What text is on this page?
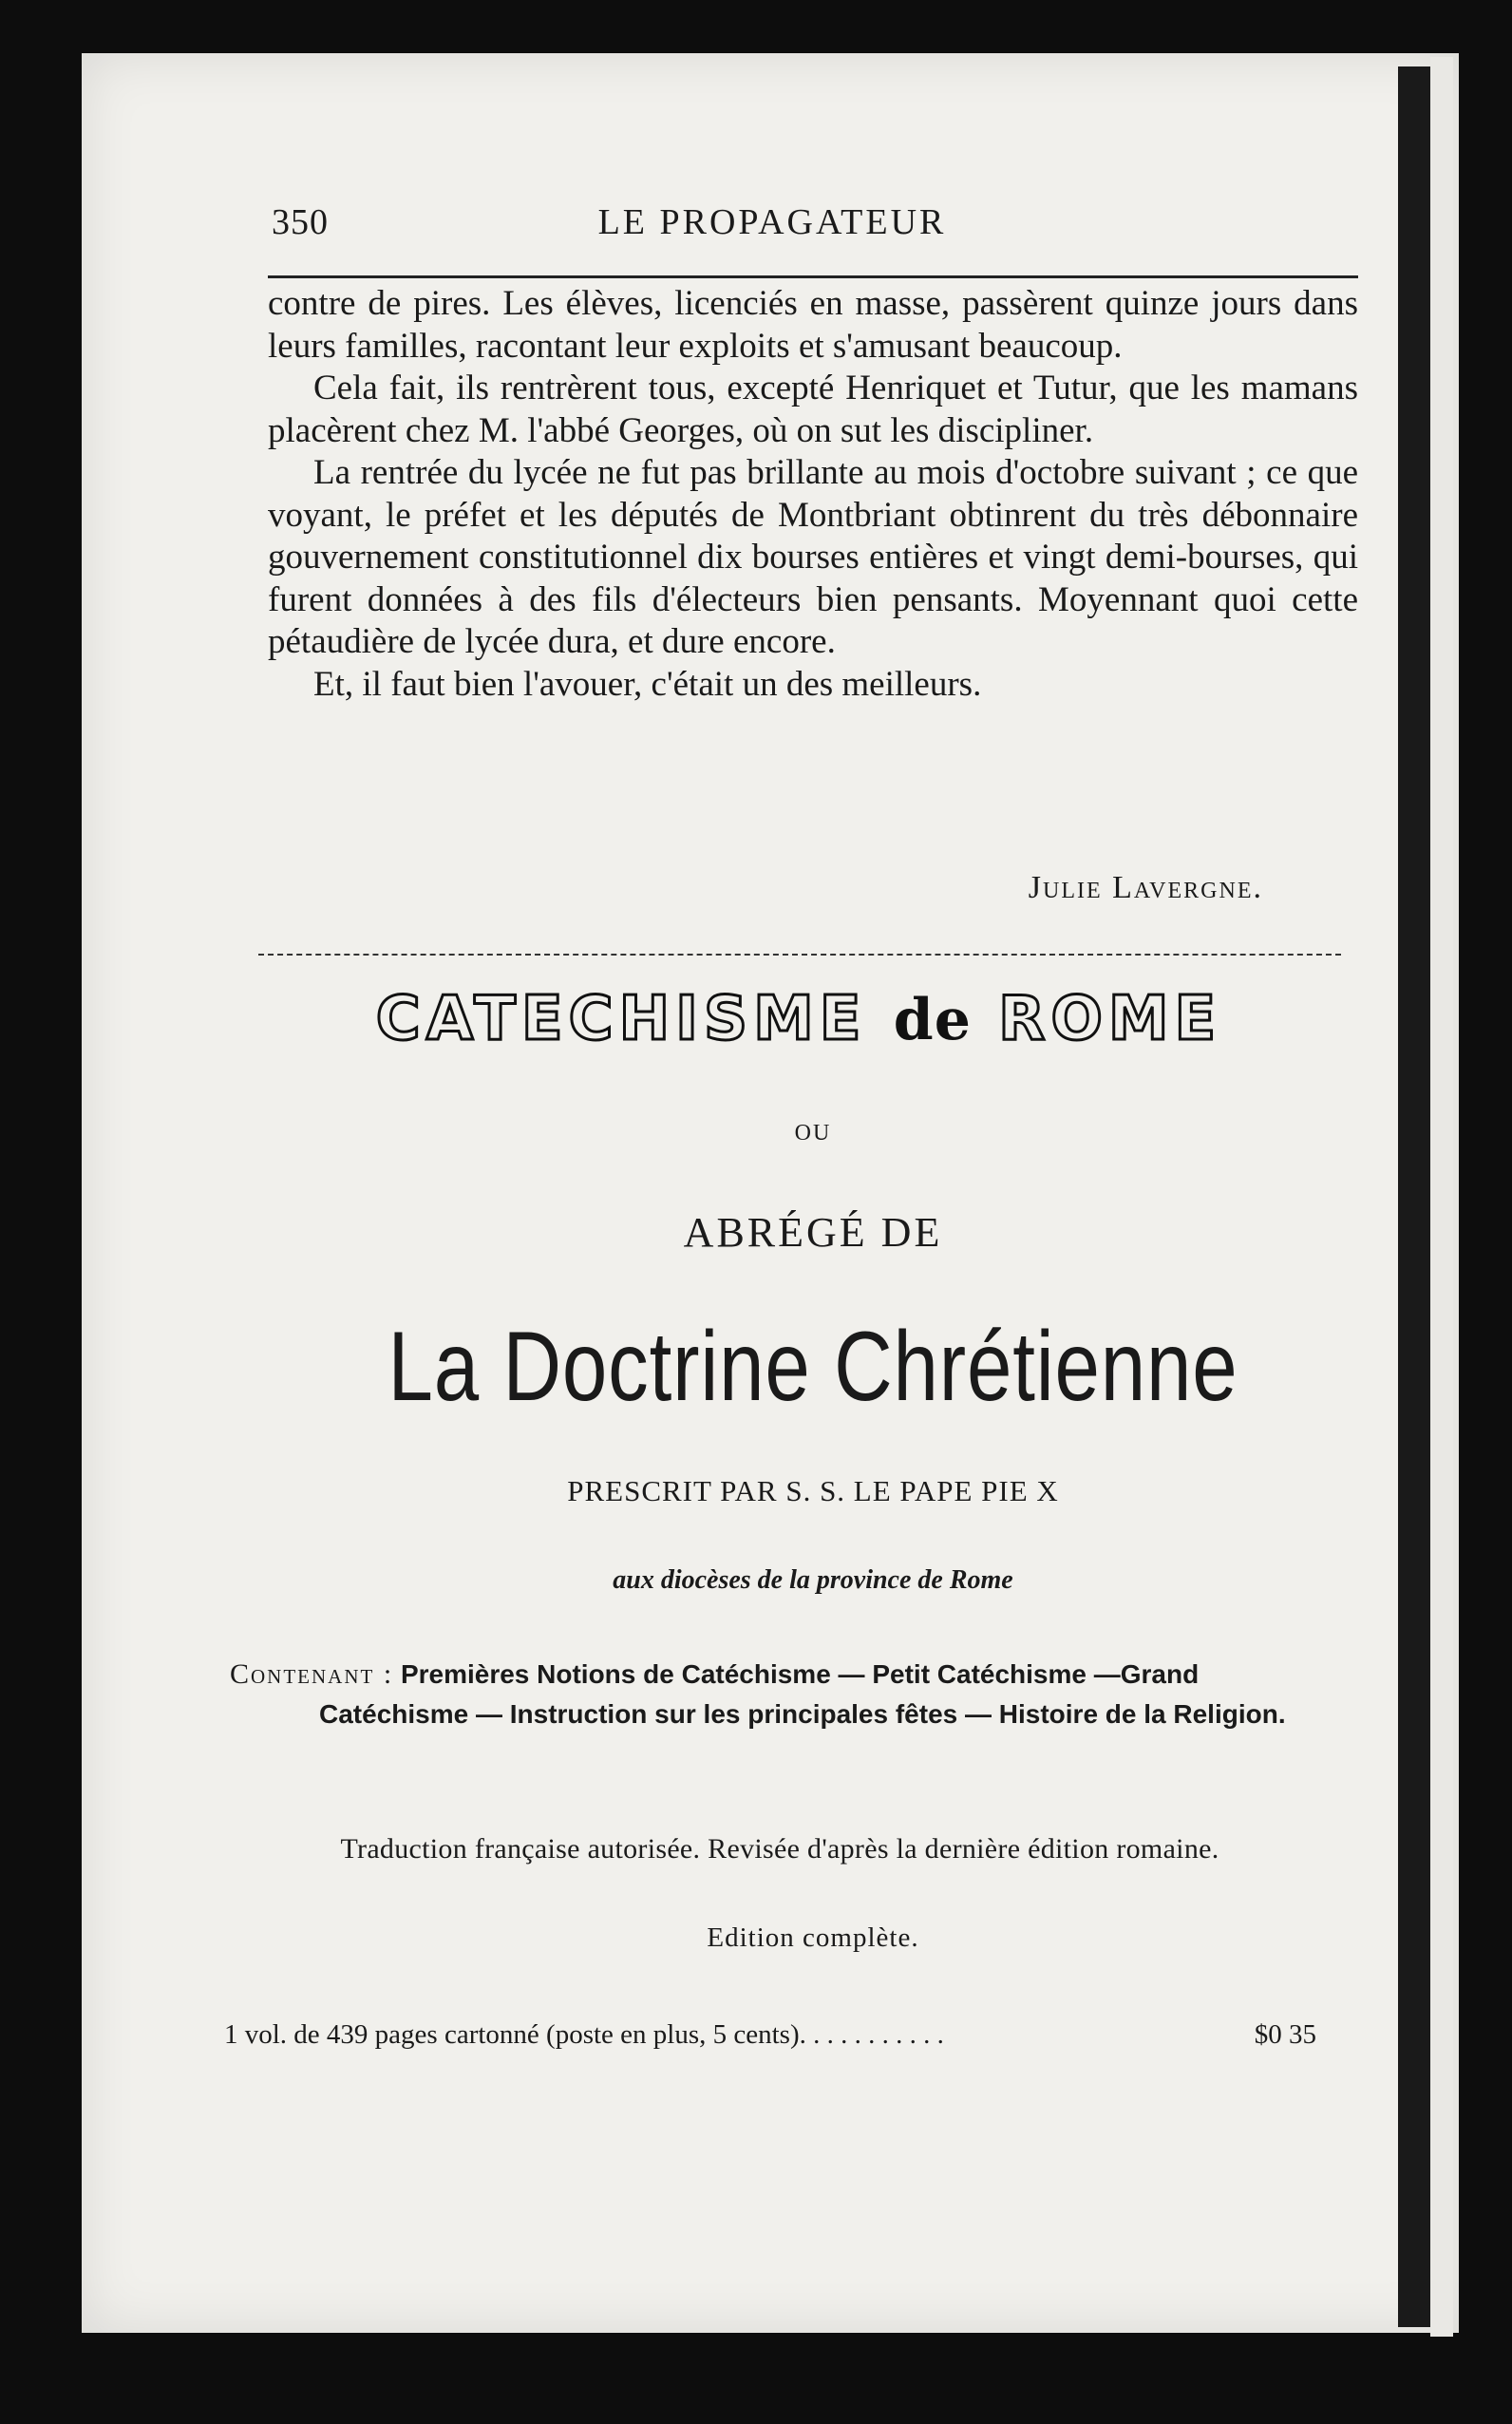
350	LE PROPAGATEUR

contre de pires. Les élèves, licenciés en masse, passèrent quinze jours dans leurs familles, racontant leur exploits et s'amusant beaucoup.

Cela fait, ils rentrèrent tous, excepté Henriquet et Tutur, que les mamans placèrent chez M. l'abbé Georges, où on sut les discipliner.

La rentrée du lycée ne fut pas brillante au mois d'octobre suivant ; ce que voyant, le préfet et les députés de Montbriant obtinrent du très débonnaire gouvernement constitutionnel dix bourses entières et vingt demi-bourses, qui furent données à des fils d'électeurs bien pensants. Moyennant quoi cette pétaudière de lycée dura, et dure encore.

Et, il faut bien l'avouer, c'était un des meilleurs.

Julie Lavergne.
CATECHISME de ROME
OU
ABRÉGÉ DE
La Doctrine Chrétienne
PRESCRIT PAR S. S. LE PAPE PIE X
aux diocèses de la province de Rome
Contenant : Premières Notions de Catéchisme — Petit Catéchisme —Grand
Catéchisme — Instruction sur les principales fêtes — Histoire de la Religion.
Traduction française autorisée. Revisée d'après la dernière édition romaine.
Edition complète.
1 vol. de 439 pages cartonné (poste en plus, 5 cents). . . . . . . . . . .	$0 35
